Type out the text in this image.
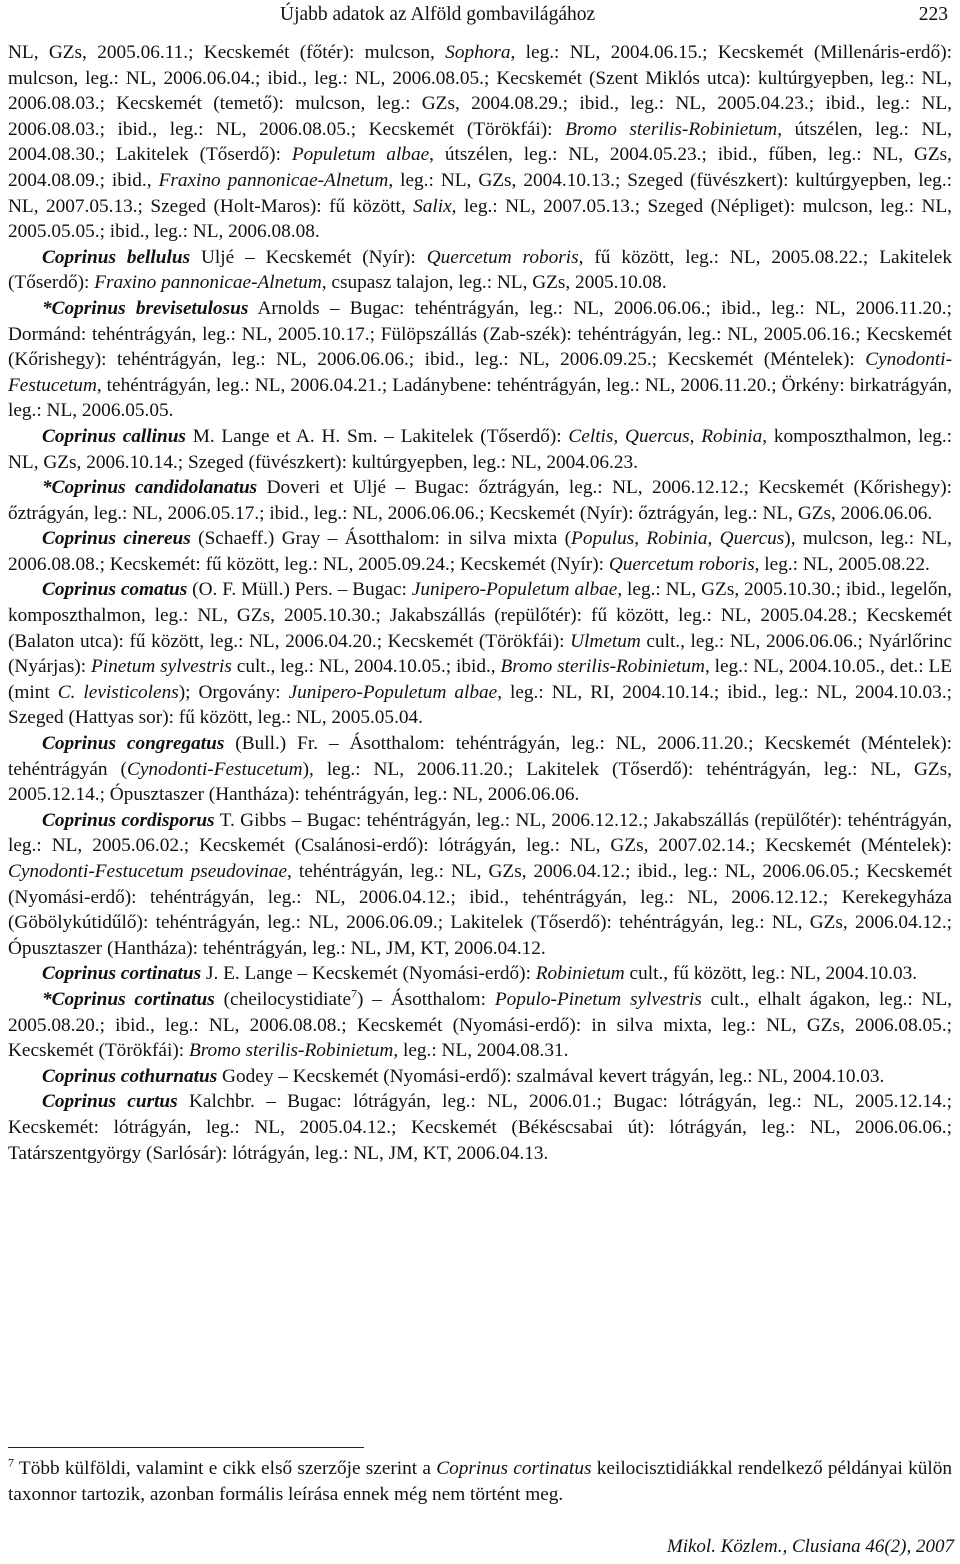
Újabb adatok az Alföld gombavilágához	223

NL, GZs, 2005.06.11.; Kecskemét (főtér): mulcson, Sophora, leg.: NL, 2004.06.15.; Kecskemét (Millenáris-erdő): mulcson, leg.: NL, 2006.06.04.; ibid., leg.: NL, 2006.08.05.; Kecskemét (Szent Miklós utca): kultúrgyepben, leg.: NL, 2006.08.03.; Kecskemét (temető): mulcson, leg.: GZs, 2004.08.29.; ibid., leg.: NL, 2005.04.23.; ibid., leg.: NL, 2006.08.03.; ibid., leg.: NL, 2006.08.05.; Kecskemét (Törökfái): Bromo sterilis-Robinietum, útszélen, leg.: NL, 2004.08.30.; Lakitelek (Tőserdő): Populetum albae, útszélen, leg.: NL, 2004.05.23.; ibid., fűben, leg.: NL, GZs, 2004.08.09.; ibid., Fraxino pannonicae-Alnetum, leg.: NL, GZs, 2004.10.13.; Szeged (füvészkert): kultúrgyepben, leg.: NL, 2007.05.13.; Szeged (Holt-Maros): fű között, Salix, leg.: NL, 2007.05.13.; Szeged (Népliget): mulcson, leg.: NL, 2005.05.05.; ibid., leg.: NL, 2006.08.08.

Coprinus bellulus Uljé – Kecskemét (Nyír): Quercetum roboris, fű között, leg.: NL, 2005.08.22.; Lakitelek (Tőserdő): Fraxino pannonicae-Alnetum, csupasz talajon, leg.: NL, GZs, 2005.10.08.

*Coprinus brevisetulosus Arnolds – Bugac: tehéntrágyán, leg.: NL, 2006.06.06.; ibid., leg.: NL, 2006.11.20.; Dormánd: tehéntrágyán, leg.: NL, 2005.10.17.; Fülöpszállás (Zab-szék): tehéntrágyán, leg.: NL, 2005.06.16.; Kecskemét (Kőrishegy): tehéntrágyán, leg.: NL, 2006.06.06.; ibid., leg.: NL, 2006.09.25.; Kecskemét (Méntelek): Cynodonti-Festucetum, tehéntrágyán, leg.: NL, 2006.04.21.; Ladánybene: tehéntrágyán, leg.: NL, 2006.11.20.; Örkény: birkatrágyán, leg.: NL, 2006.05.05.

Coprinus callinus M. Lange et A. H. Sm. – Lakitelek (Tőserdő): Celtis, Quercus, Robinia, komposzthalmon, leg.: NL, GZs, 2006.10.14.; Szeged (füvészkert): kultúrgyepben, leg.: NL, 2004.06.23.

*Coprinus candidolanatus Doveri et Uljé – Bugac: őztrágyán, leg.: NL, 2006.12.12.; Kecskemét (Kőrishegy): őztrágyán, leg.: NL, 2006.05.17.; ibid., leg.: NL, 2006.06.06.; Kecskemét (Nyír): őztrágyán, leg.: NL, GZs, 2006.06.06.

Coprinus cinereus (Schaeff.) Gray – Ásotthalom: in silva mixta (Populus, Robinia, Quercus), mulcson, leg.: NL, 2006.08.08.; Kecskemét: fű között, leg.: NL, 2005.09.24.; Kecskemét (Nyír): Quercetum roboris, leg.: NL, 2005.08.22.

Coprinus comatus (O. F. Müll.) Pers. – Bugac: Junipero-Populetum albae, leg.: NL, GZs, 2005.10.30.; ibid., legelőn, komposzthalmon, leg.: NL, GZs, 2005.10.30.; Jakabszállás (repülőtér): fű között, leg.: NL, 2005.04.28.; Kecskemét (Balaton utca): fű között, leg.: NL, 2006.04.20.; Kecskemét (Törökfái): Ulmetum cult., leg.: NL, 2006.06.06.; Nyárlőrinc (Nyárjas): Pinetum sylvestris cult., leg.: NL, 2004.10.05.; ibid., Bromo sterilis-Robinietum, leg.: NL, 2004.10.05., det.: LE (mint C. levisticolens); Orgovány: Junipero-Populetum albae, leg.: NL, RI, 2004.10.14.; ibid., leg.: NL, 2004.10.03.; Szeged (Hattyas sor): fű között, leg.: NL, 2005.05.04.

Coprinus congregatus (Bull.) Fr. – Ásotthalom: tehéntrágyán, leg.: NL, 2006.11.20.; Kecskemét (Méntelek): tehéntrágyán (Cynodonti-Festucetum), leg.: NL, 2006.11.20.; Lakitelek (Tőserdő): tehéntrágyán, leg.: NL, GZs, 2005.12.14.; Ópusztaszer (Hantháza): tehéntrágyán, leg.: NL, 2006.06.06.

Coprinus cordisporus T. Gibbs – Bugac: tehéntrágyán, leg.: NL, 2006.12.12.; Jakabszállás (repülőtér): tehéntrágyán, leg.: NL, 2005.06.02.; Kecskemét (Csalánosi-erdő): lótrágyán, leg.: NL, GZs, 2007.02.14.; Kecskemét (Méntelek): Cynodonti-Festucetum pseudovinae, tehéntrágyán, leg.: NL, GZs, 2006.04.12.; ibid., leg.: NL, 2006.06.05.; Kecskemét (Nyomási-erdő): tehéntrágyán, leg.: NL, 2006.04.12.; ibid., tehéntrágyán, leg.: NL, 2006.12.12.; Kerekegyháza (Göbölykútidűlő): tehéntrágyán, leg.: NL, 2006.06.09.; Lakitelek (Tőserdő): tehéntrágyán, leg.: NL, GZs, 2006.04.12.; Ópusztaszer (Hantháza): tehéntrágyán, leg.: NL, JM, KT, 2006.04.12.

Coprinus cortinatus J. E. Lange – Kecskemét (Nyomási-erdő): Robinietum cult., fű között, leg.: NL, 2004.10.03.

*Coprinus cortinatus (cheilocystidiate$^7$) – Ásotthalom: Populo-Pinetum sylvestris cult., elhalt ágakon, leg.: NL, 2005.08.20.; ibid., leg.: NL, 2006.08.08.; Kecskemét (Nyomási-erdő): in silva mixta, leg.: NL, GZs, 2006.08.05.; Kecskemét (Törökfái): Bromo sterilis-Robinietum, leg.: NL, 2004.08.31.

Coprinus cothurnatus Godey – Kecskemét (Nyomási-erdő): szalmával kevert trágyán, leg.: NL, 2004.10.03.

Coprinus curtus Kalchbr. – Bugac: lótrágyán, leg.: NL, 2006.01.; Bugac: lótrágyán, leg.: NL, 2005.12.14.; Kecskemét: lótrágyán, leg.: NL, 2005.04.12.; Kecskemét (Békéscsabai út): lótrágyán, leg.: NL, 2006.06.06.; Tatárszentgyörgy (Sarlósár): lótrágyán, leg.: NL, JM, KT, 2006.04.13.

$^7$ Több külföldi, valamint e cikk első szerzője szerint a Coprinus cortinatus keilocisztidiákkal rendelkező példányai külön taxonnor tartozik, azonban formális leírása ennek még nem történt meg.
Mikol. Közlem., Clusiana 46(2), 2007
